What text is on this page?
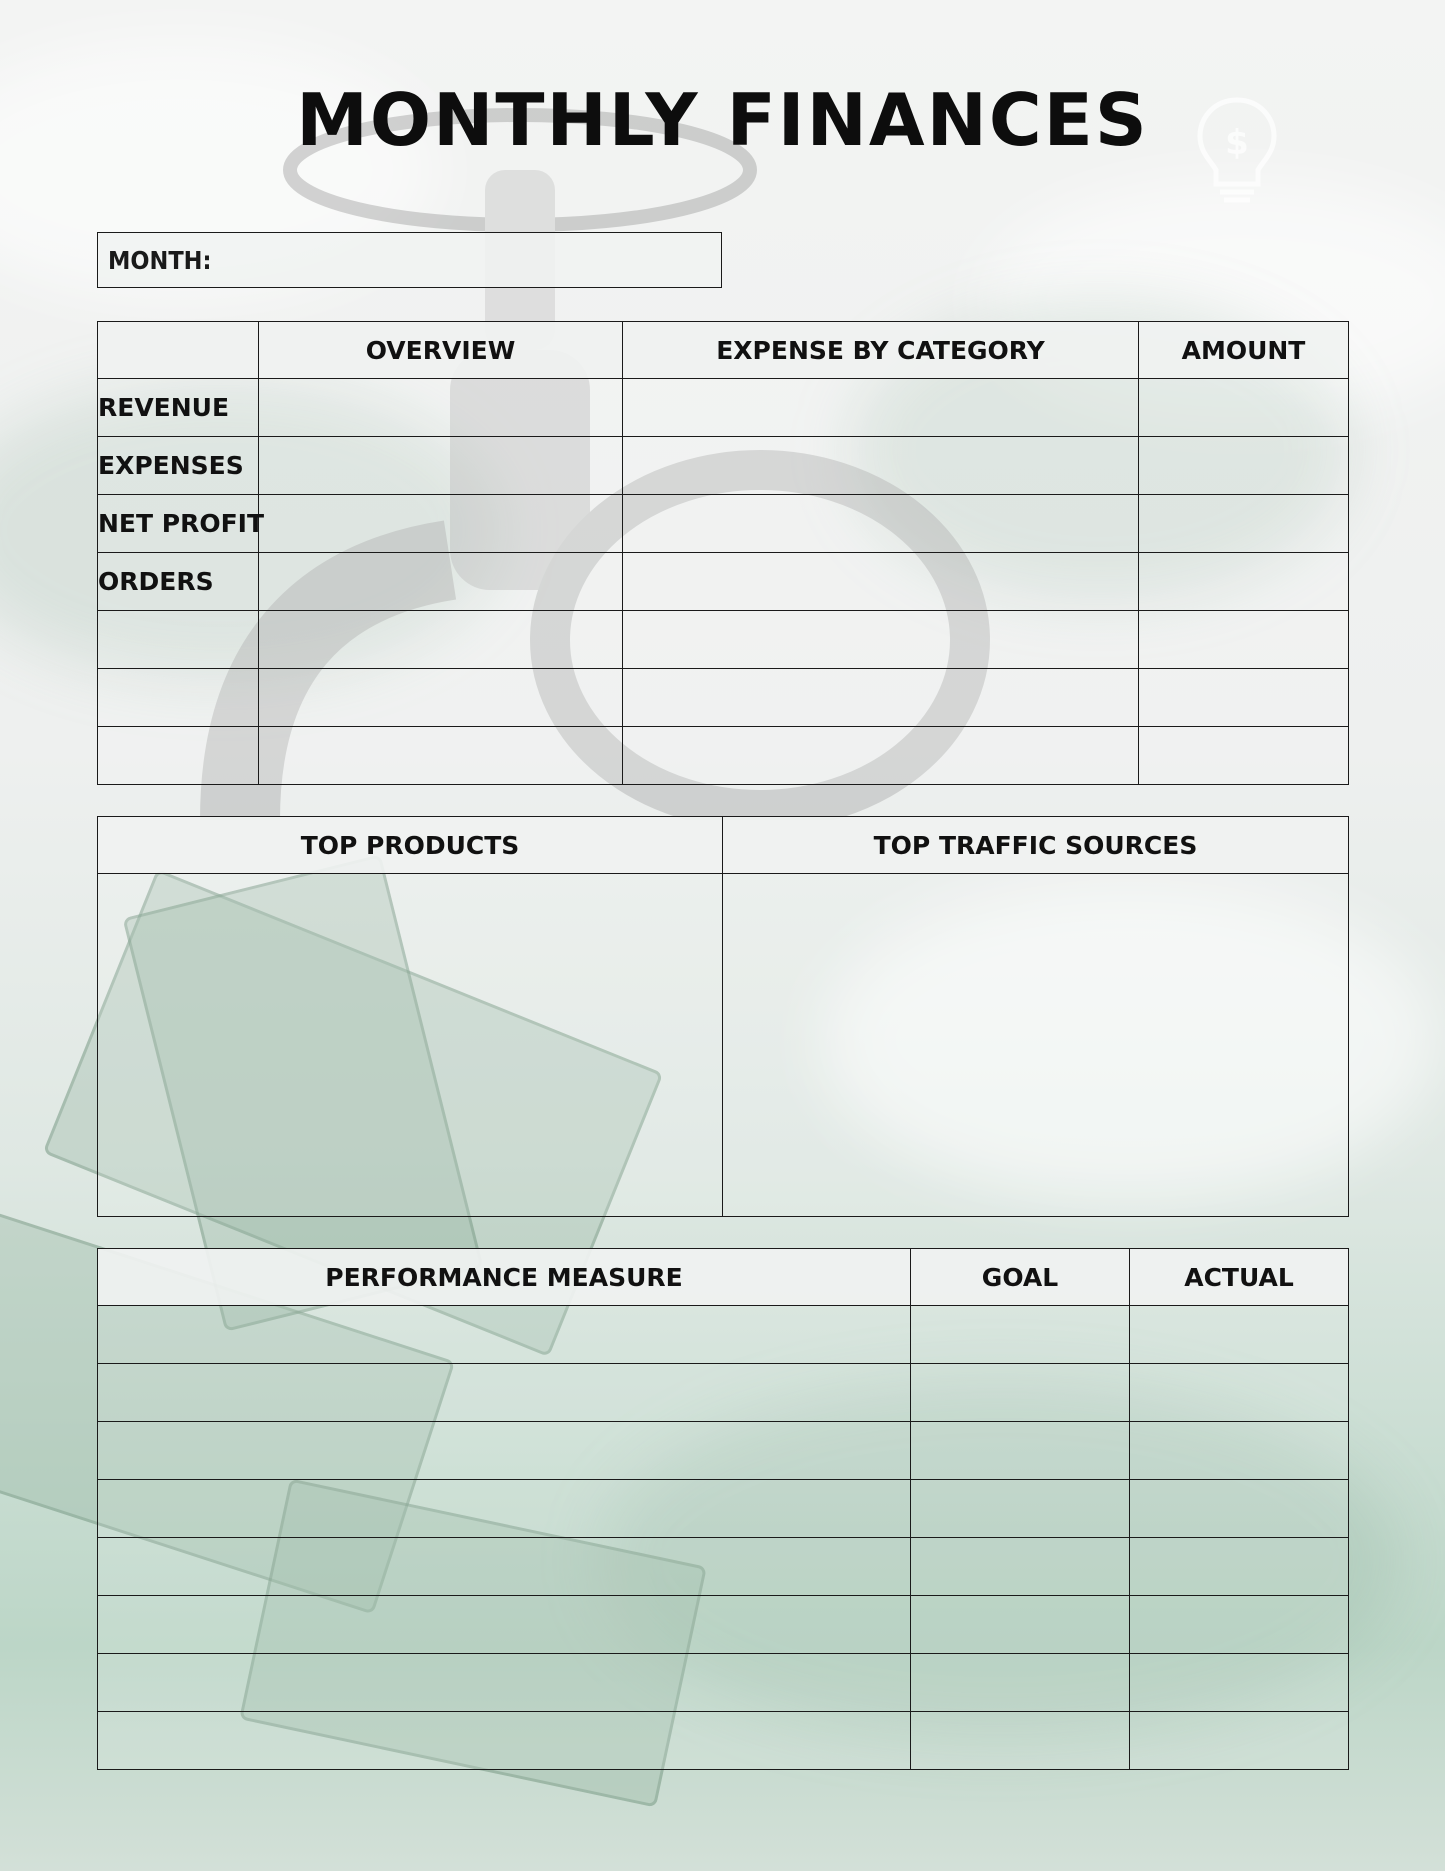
$
MONTHLY FINANCES
MONTH:
	OVERVIEW	EXPENSE BY CATEGORY	AMOUNT
REVENUE			
EXPENSES			
NET PROFIT			
ORDERS			

TOP PRODUCTS	TOP TRAFFIC SOURCES

PERFORMANCE MEASURE	GOAL	ACTUAL
